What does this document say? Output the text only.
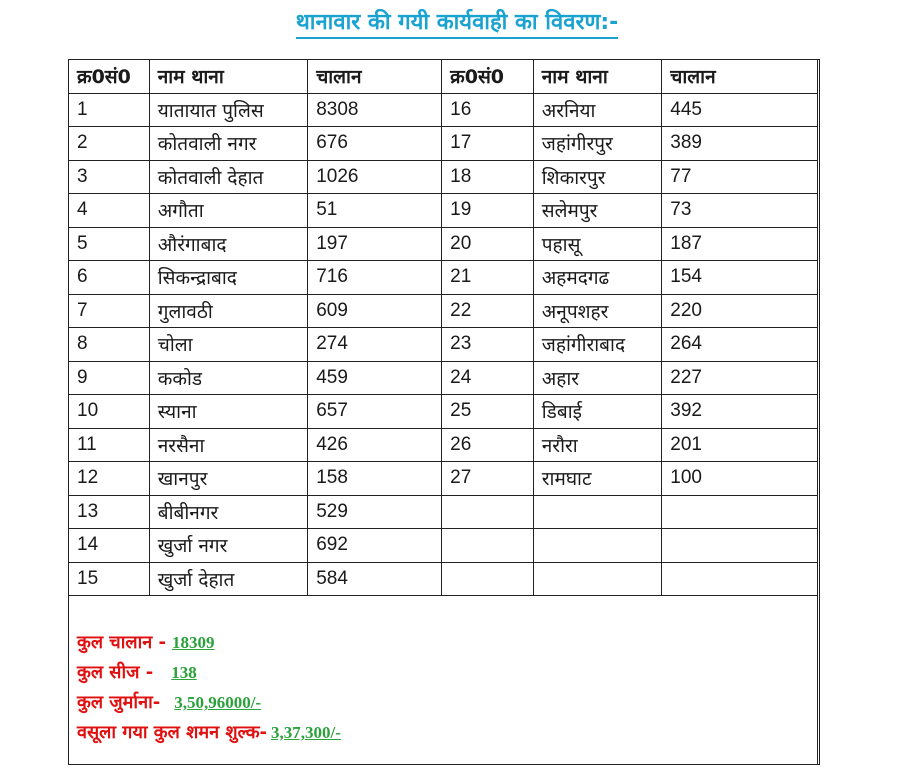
थानावार की गयी कार्यवाही का विवरण:-
क्र0सं0	नाम थाना	चालान	क्र0सं0	नाम थाना	चालान
1	यातायात पुलिस	8308	16	अरनिया	445
2	कोतवाली नगर	676	17	जहांगीरपुर	389
3	कोतवाली देहात	1026	18	शिकारपुर	77
4	अगौता	51	19	सलेमपुर	73
5	औरंगाबाद	197	20	पहासू	187
6	सिकन्द्राबाद	716	21	अहमदगढ	154
7	गुलावठी	609	22	अनूपशहर	220
8	चोला	274	23	जहांगीराबाद	264
9	ककोड	459	24	अहार	227
10	स्याना	657	25	डिबाई	392
11	नरसैना	426	26	नरौरा	201
12	खानपुर	158	27	रामघाट	100
13	बीबीनगर	529			
14	खुर्जा नगर	692			
15	खुर्जा देहात	584			

कुल चालान - 18309
कुल सीज - 138
कुल जुर्माना- 3,50,96000/-
वसूला गया कुल शमन शुल्क- 3,37,300/-
